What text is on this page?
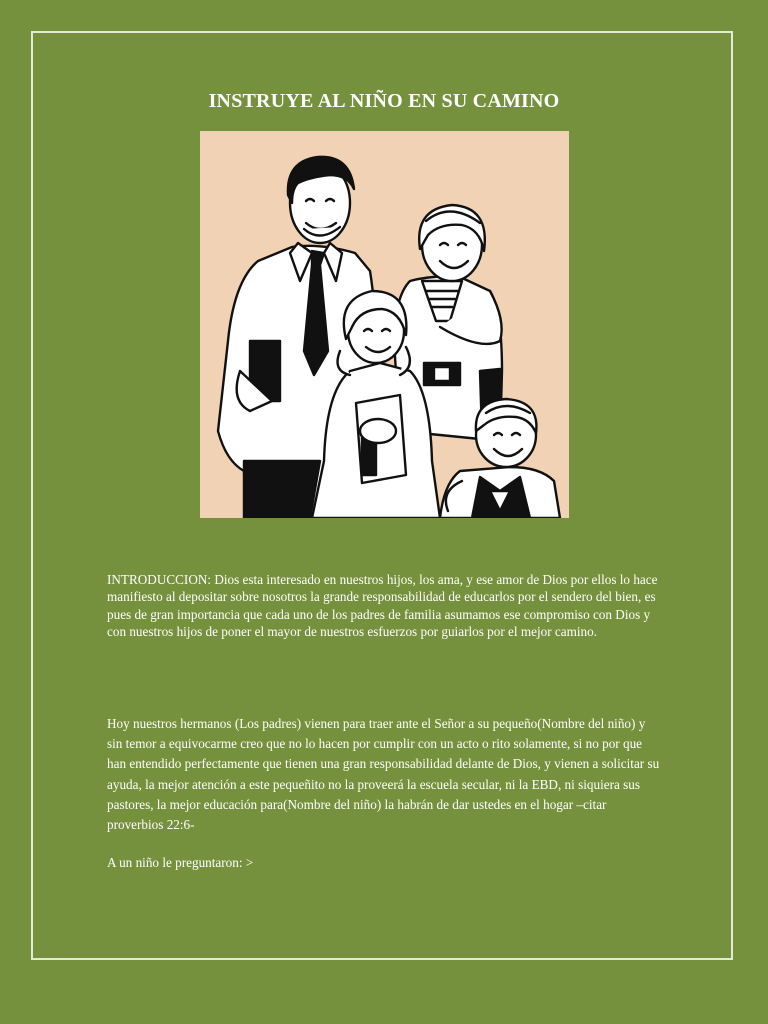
INSTRUYE AL NIÑO EN SU CAMINO

INTRODUCCION: Dios esta interesado en nuestros hijos, los ama, y ese amor de Dios por ellos lo hace manifiesto al depositar sobre nosotros la grande responsabilidad de educarlos por el sendero del bien, es pues de gran importancia que cada uno de los padres de familia asumamos ese compromiso con Dios y con nuestros hijos de poner el mayor de nuestros esfuerzos por guiarlos por el mejor camino.

Hoy nuestros hermanos (Los padres) vienen para traer ante el Señor a su pequeño(Nombre del niño) y sin temor a equivocarme creo que no lo hacen por cumplir con un acto o rito solamente, si no por que han entendido perfectamente que tienen una gran responsabilidad delante de Dios, y vienen a solicitar su ayuda, la mejor atención a este pequeñito no la proveerá la escuela secular, ni la EBD, ni siquiera sus pastores, la mejor educación para(Nombre del niño) la habrán de dar ustedes en el hogar –citar proverbios 22:6-

A un niño le preguntaron: >
